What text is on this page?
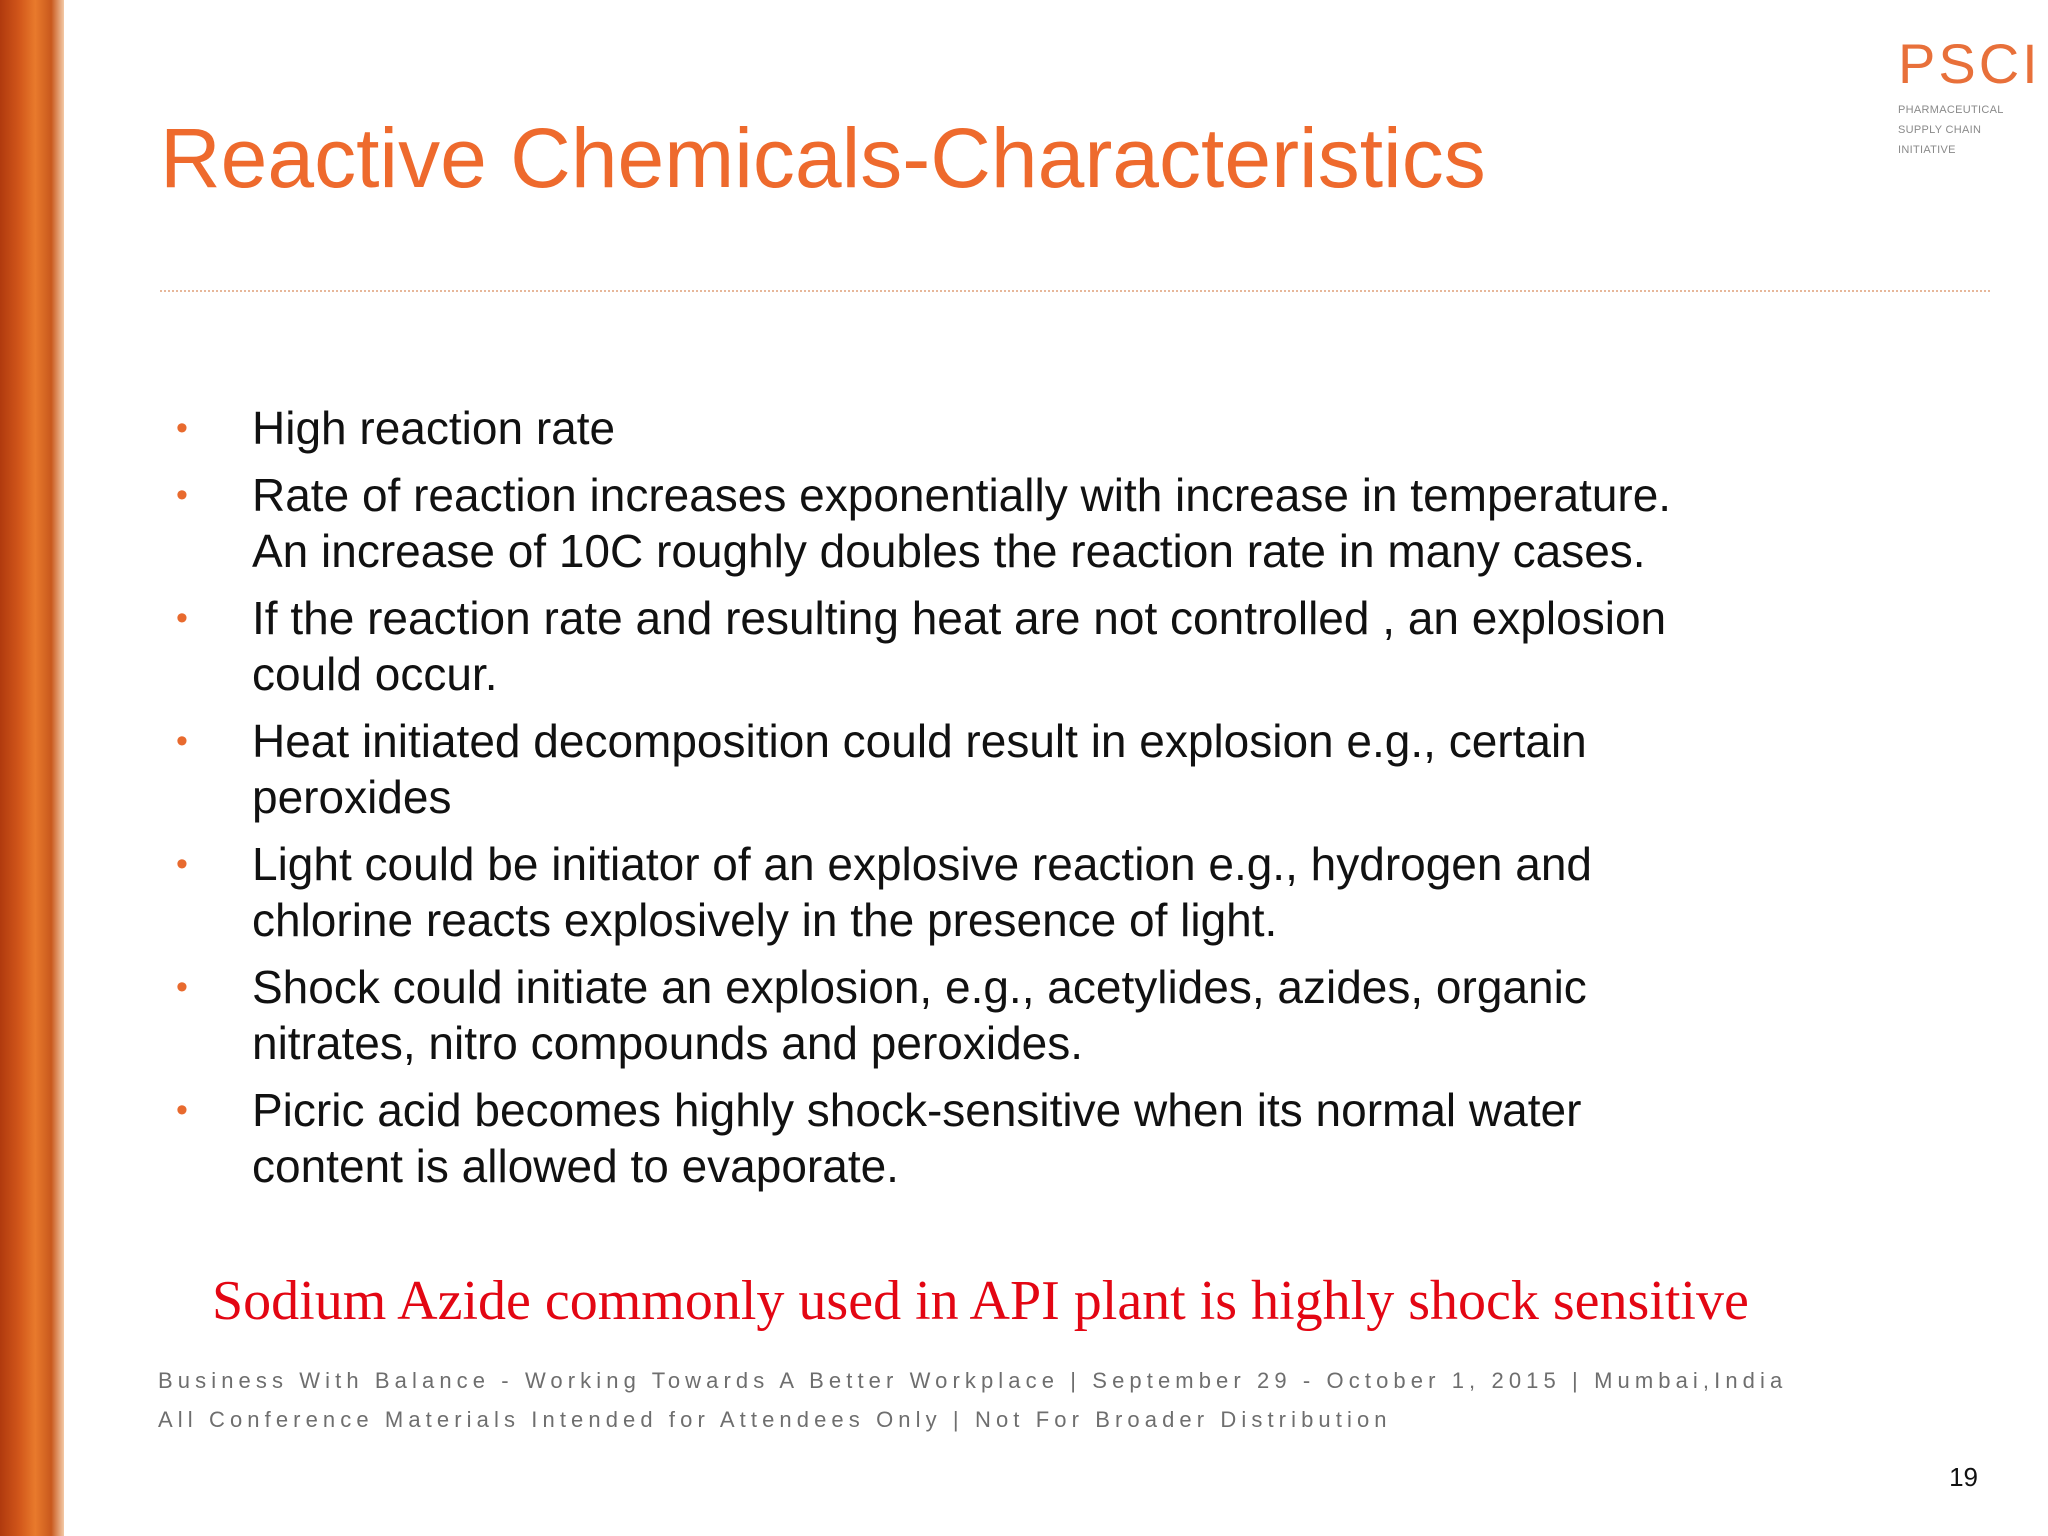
PSCI
PHARMACEUTICAL
SUPPLY CHAIN
INITIATIVE
Reactive Chemicals-Characteristics
• High reaction rate
• Rate of reaction increases exponentially with increase in temperature.
An increase of 10C roughly doubles the reaction rate in many cases.
• If the reaction rate and resulting heat are not controlled , an explosion
could occur.
• Heat initiated decomposition could result in explosion e.g., certain
peroxides
• Light could be initiator of an explosive reaction e.g., hydrogen and
chlorine reacts explosively in the presence of light.
• Shock could initiate an explosion, e.g., acetylides, azides, organic
nitrates, nitro compounds and peroxides.
• Picric acid becomes highly shock-sensitive when its normal water
content is allowed to evaporate.
Sodium Azide commonly used in API plant is highly shock sensitive
Business With Balance - Working Towards A Better Workplace | September 29 - October 1, 2015 | Mumbai,India
All Conference Materials Intended for Attendees Only | Not For Broader Distribution
19
